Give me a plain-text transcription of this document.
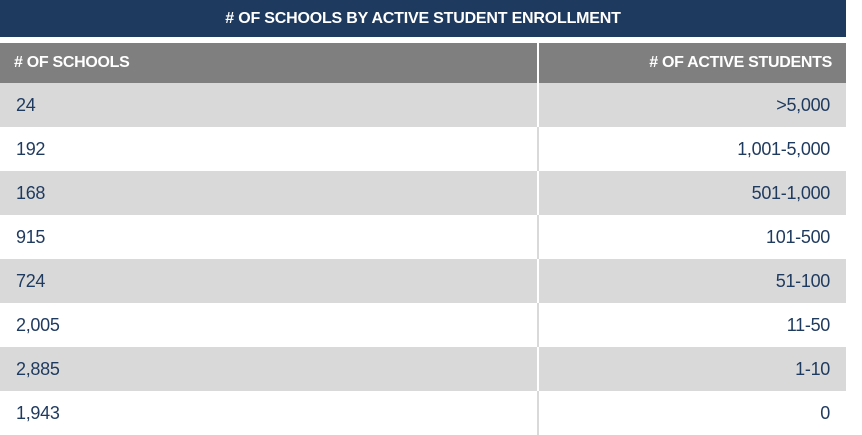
# OF SCHOOLS BY ACTIVE STUDENT ENROLLMENT
# OF SCHOOLS	# OF ACTIVE STUDENTS
24	>5,000
192	1,001-5,000
168	501-1,000
915	101-500
724	51-100
2,005	11-50
2,885	1-10
1,943	0
